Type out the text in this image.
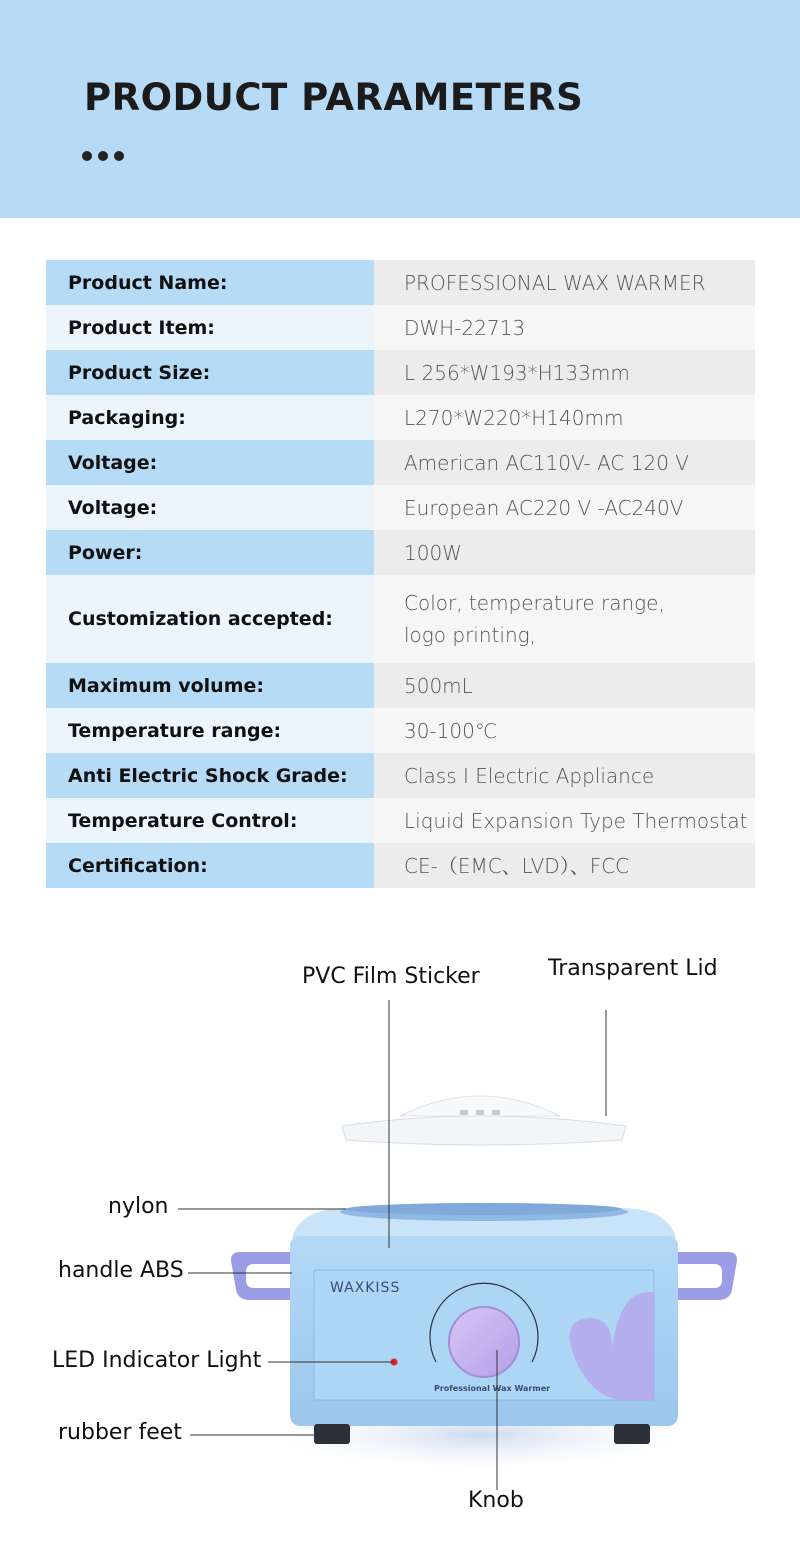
PRODUCT PARAMETERS
Product Name:	PROFESSIONAL WAX WARMER

Product Item:	DWH-22713

Product Size:	L 256*W193*H133mm

Packaging:	L270*W220*H140mm

Voltage:	American AC110V- AC 120 V

Voltage:	European AC220 V -AC240V

Power:	100W

Customization accepted:	Color, temperature range,
logo printing,

Maximum volume:	500mL

Temperature range:	30-100℃

Anti Electric Shock Grade:	Class I Electric Appliance

Temperature Control:	Liquid Expansion Type Thermostat

Certification:	CE-（EMC、LVD）、FCC
PVC Film Sticker	Transparent Lid
nylon
handle ABS
LED Indicator Light
rubber feet
Knob
WAXKISS
Professional Wax Warmer
